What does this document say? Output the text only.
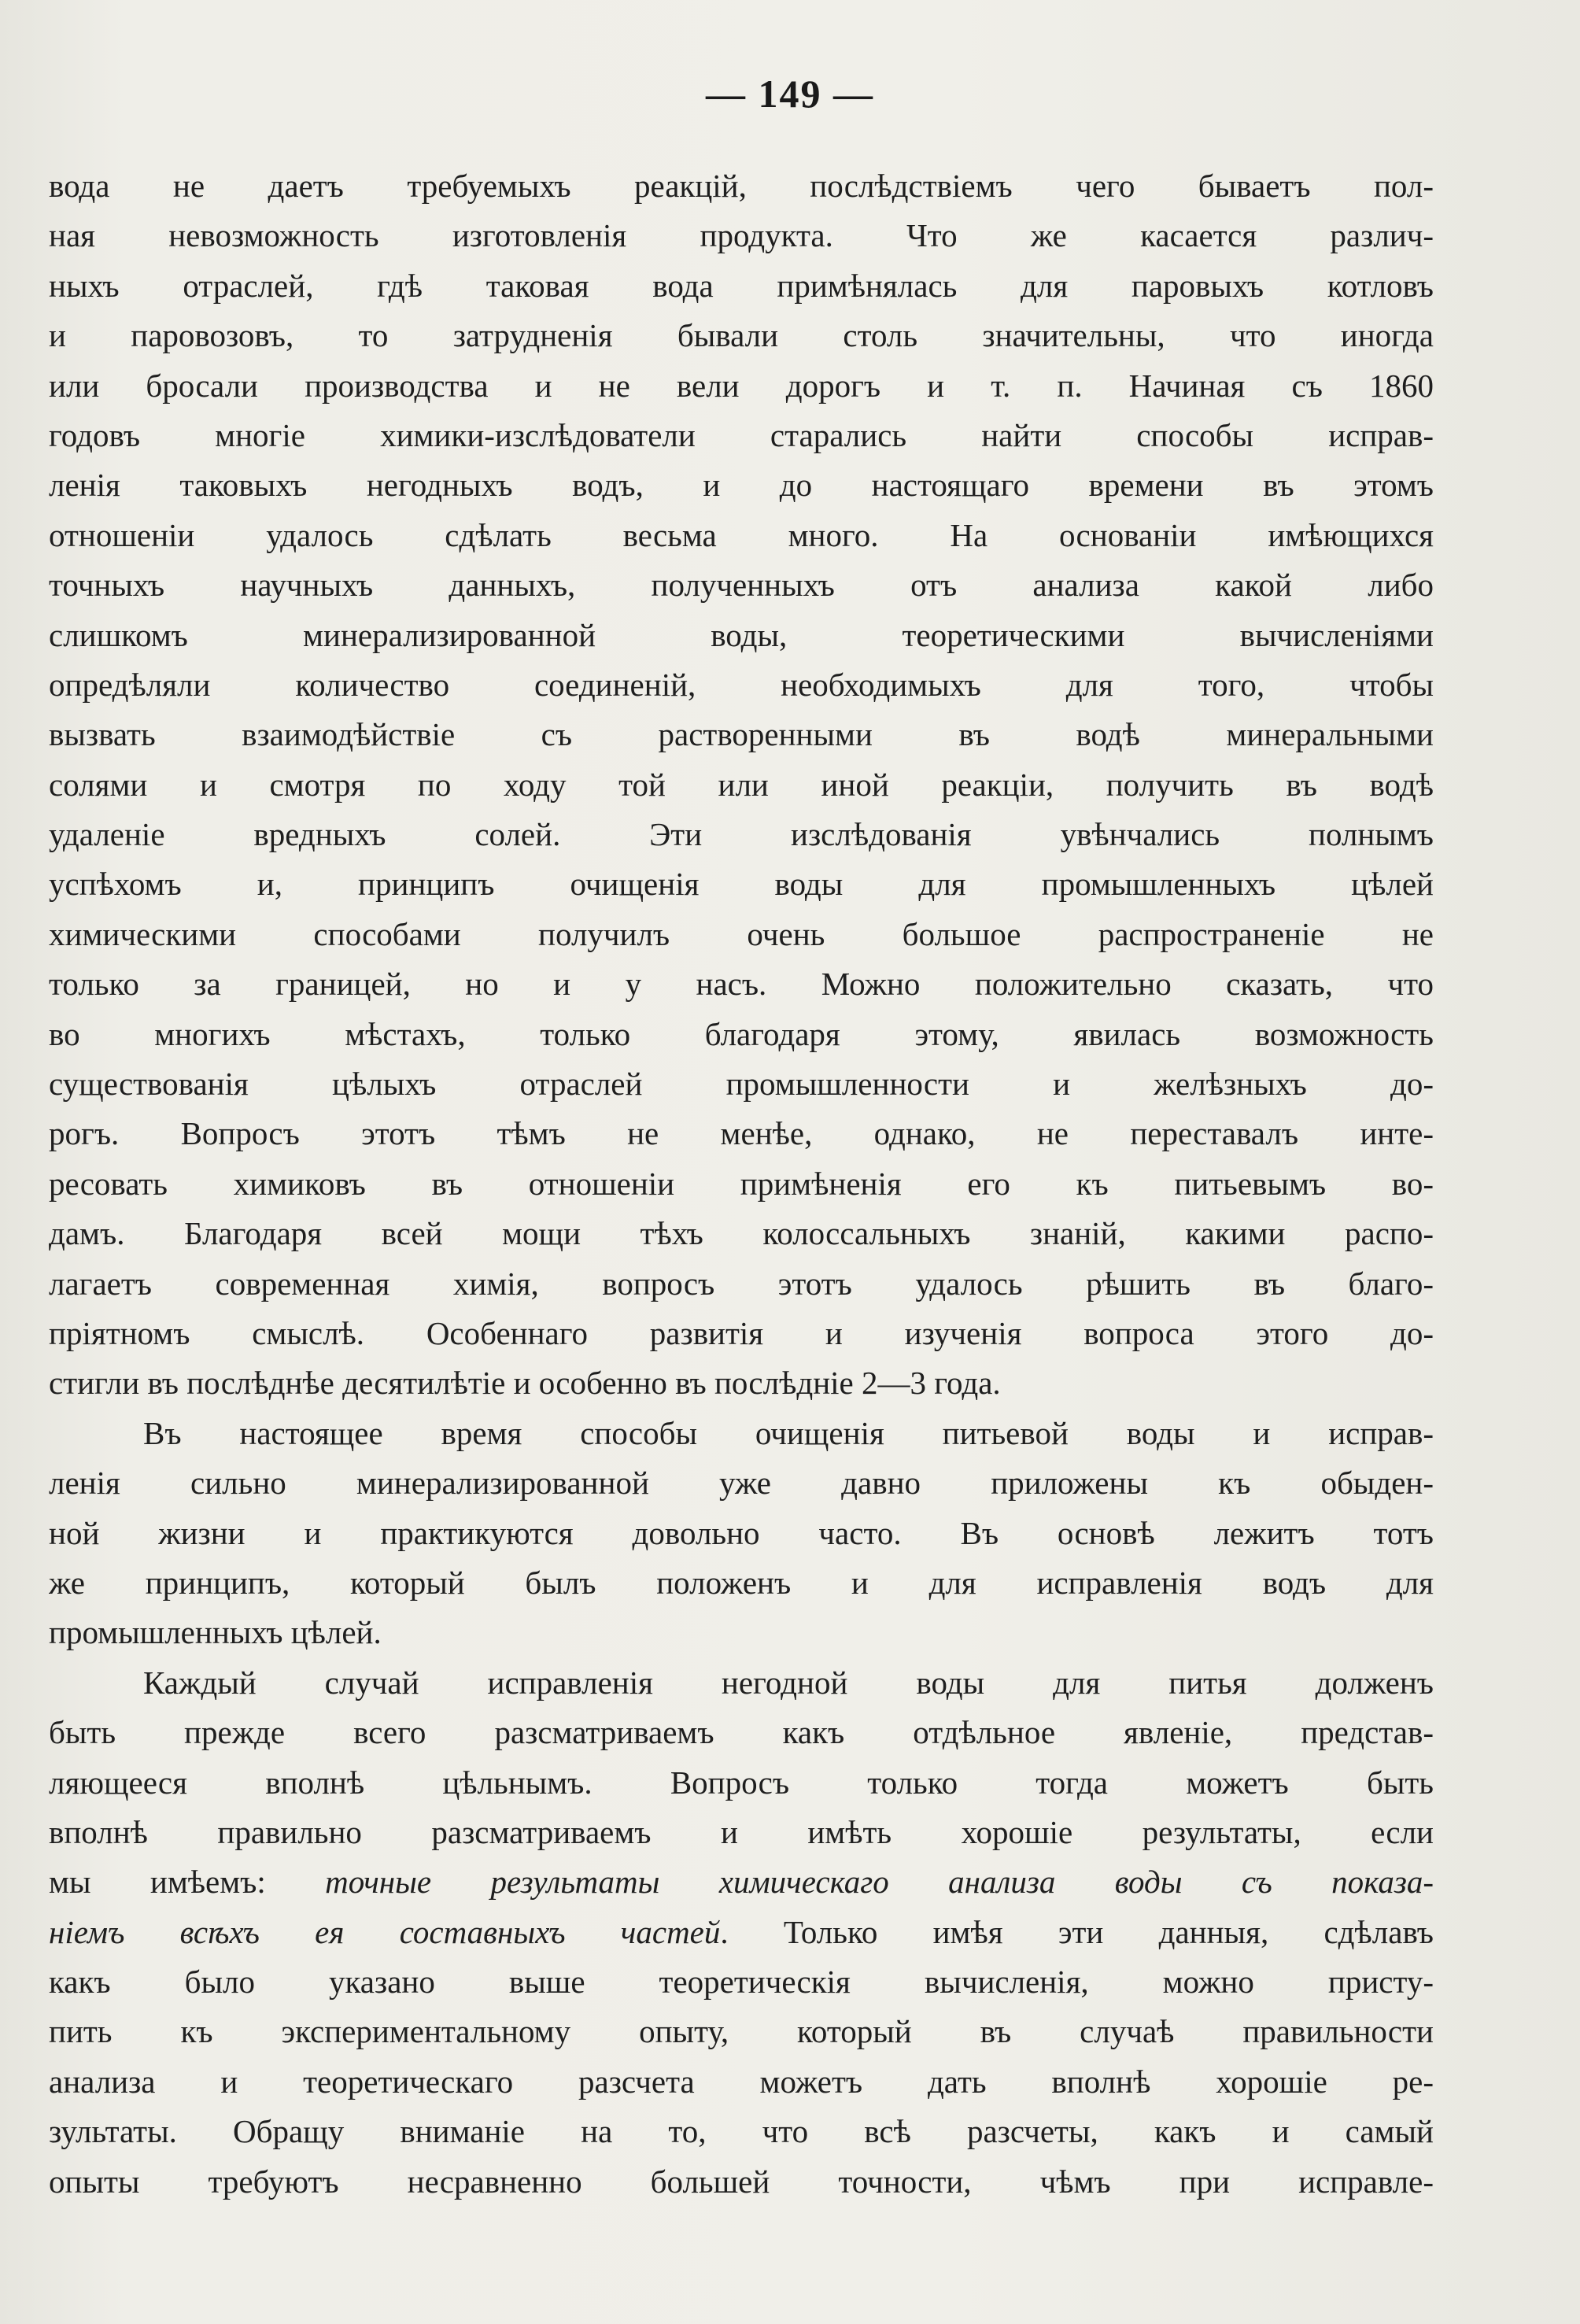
— 149 —
вода не даетъ требуемыхъ реакцій, послѣдствіемъ чего бываетъ пол-
ная невозможность изготовленія продукта. Что же касается различ-
ныхъ отраслей, гдѣ таковая вода примѣнялась для паровыхъ котловъ
и паровозовъ, то затрудненія бывали столь значительны, что иногда
или бросали производства и не вели дорогъ и т. п. Начиная съ 1860
годовъ многіе химики-изслѣдователи старались найти способы исправ-
ленія таковыхъ негодныхъ водъ, и до настоящаго времени въ этомъ
отношеніи удалось сдѣлать весьма много. На основаніи имѣющихся
точныхъ научныхъ данныхъ, полученныхъ отъ анализа какой либо
слишкомъ минерализированной воды, теоретическими вычисленіями
опредѣляли количество соединеній, необходимыхъ для того, чтобы
вызвать взаимодѣйствіе съ растворенными въ водѣ минеральными
солями и смотря по ходу той или иной реакціи, получить въ водѣ
удаленіе вредныхъ солей. Эти изслѣдованія увѣнчались полнымъ
успѣхомъ и, принципъ очищенія воды для промышленныхъ цѣлей
химическими способами получилъ очень большое распространеніе не
только за границей, но и у насъ. Можно положительно сказать, что
во многихъ мѣстахъ, только благодаря этому, явилась возможность
существованія цѣлыхъ отраслей промышленности и желѣзныхъ до-
рогъ. Вопросъ этотъ тѣмъ не менѣе, однако, не переставалъ инте-
ресовать химиковъ въ отношеніи примѣненія его къ питьевымъ во-
дамъ. Благодаря всей мощи тѣхъ колоссальныхъ знаній, какими распо-
лагаетъ современная химія, вопросъ этотъ удалось рѣшить въ благо-
пріятномъ смыслѣ. Особеннаго развитія и изученія вопроса этого до-
стигли въ послѣднѣе десятилѣтіе и особенно въ послѣдніе 2—3 года.
Въ настоящее время способы очищенія питьевой воды и исправ-
ленія сильно минерализированной уже давно приложены къ обыден-
ной жизни и практикуются довольно часто. Въ основѣ лежитъ тотъ
же принципъ, который былъ положенъ и для исправленія водъ для
промышленныхъ цѣлей.
Каждый случай исправленія негодной воды для питья долженъ
быть прежде всего разсматриваемъ какъ отдѣльное явленіе, представ-
ляющееся вполнѣ цѣльнымъ. Вопросъ только тогда можетъ быть
вполнѣ правильно разсматриваемъ и имѣть хорошіе результаты, если
мы имѣемъ: точные результаты химическаго анализа воды съ показа-
ніемъ всѣхъ ея составныхъ частей. Только имѣя эти данныя, сдѣлавъ
какъ было указано выше теоретическія вычисленія, можно присту-
пить къ экспериментальному опыту, который въ случаѣ правильности
анализа и теоретическаго разсчета можетъ дать вполнѣ хорошіе ре-
зультаты. Обращу вниманіе на то, что всѣ разсчеты, какъ и самый
опыты требуютъ несравненно большей точности, чѣмъ при исправле-
